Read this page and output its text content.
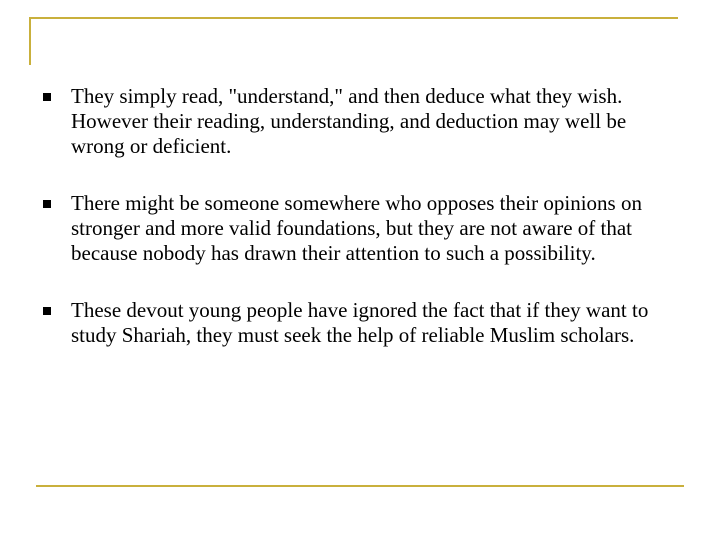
They simply read, "understand," and then deduce what they wish. However their reading, understanding, and deduction may well be wrong or deficient.
There might be someone somewhere who opposes their opinions on stronger and more valid foundations, but they are not aware of that because nobody has drawn their attention to such a possibility.
These devout young people have ignored the fact that if they want to study Shariah, they must seek the help of reliable Muslim scholars.
